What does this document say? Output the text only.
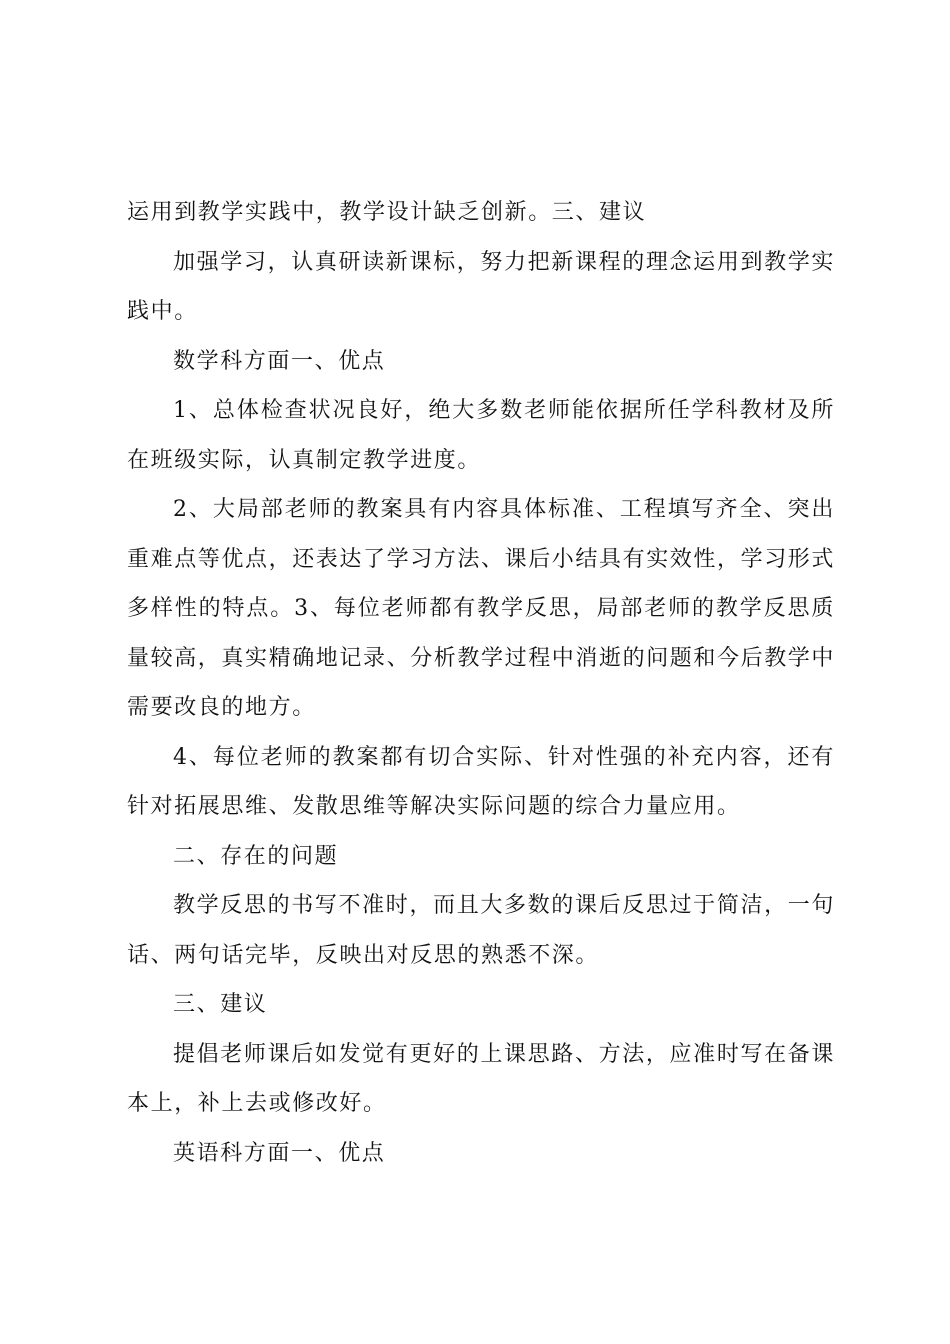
运用到教学实践中，教学设计缺乏创新。三、建议

加强学习，认真研读新课标，努力把新课程的理念运用到教学实践中。

数学科方面一、优点

1、总体检查状况良好，绝大多数老师能依据所任学科教材及所在班级实际，认真制定教学进度。

2、大局部老师的教案具有内容具体标准、工程填写齐全、突出重难点等优点，还表达了学习方法、课后小结具有实效性，学习形式多样性的特点。3、每位老师都有教学反思，局部老师的教学反思质量较高，真实精确地记录、分析教学过程中消逝的问题和今后教学中需要改良的地方。

4、每位老师的教案都有切合实际、针对性强的补充内容，还有针对拓展思维、发散思维等解决实际问题的综合力量应用。

二、存在的问题

教学反思的书写不准时，而且大多数的课后反思过于简洁，一句话、两句话完毕，反映出对反思的熟悉不深。

三、建议

提倡老师课后如发觉有更好的上课思路、方法，应准时写在备课本上，补上去或修改好。

英语科方面一、优点
